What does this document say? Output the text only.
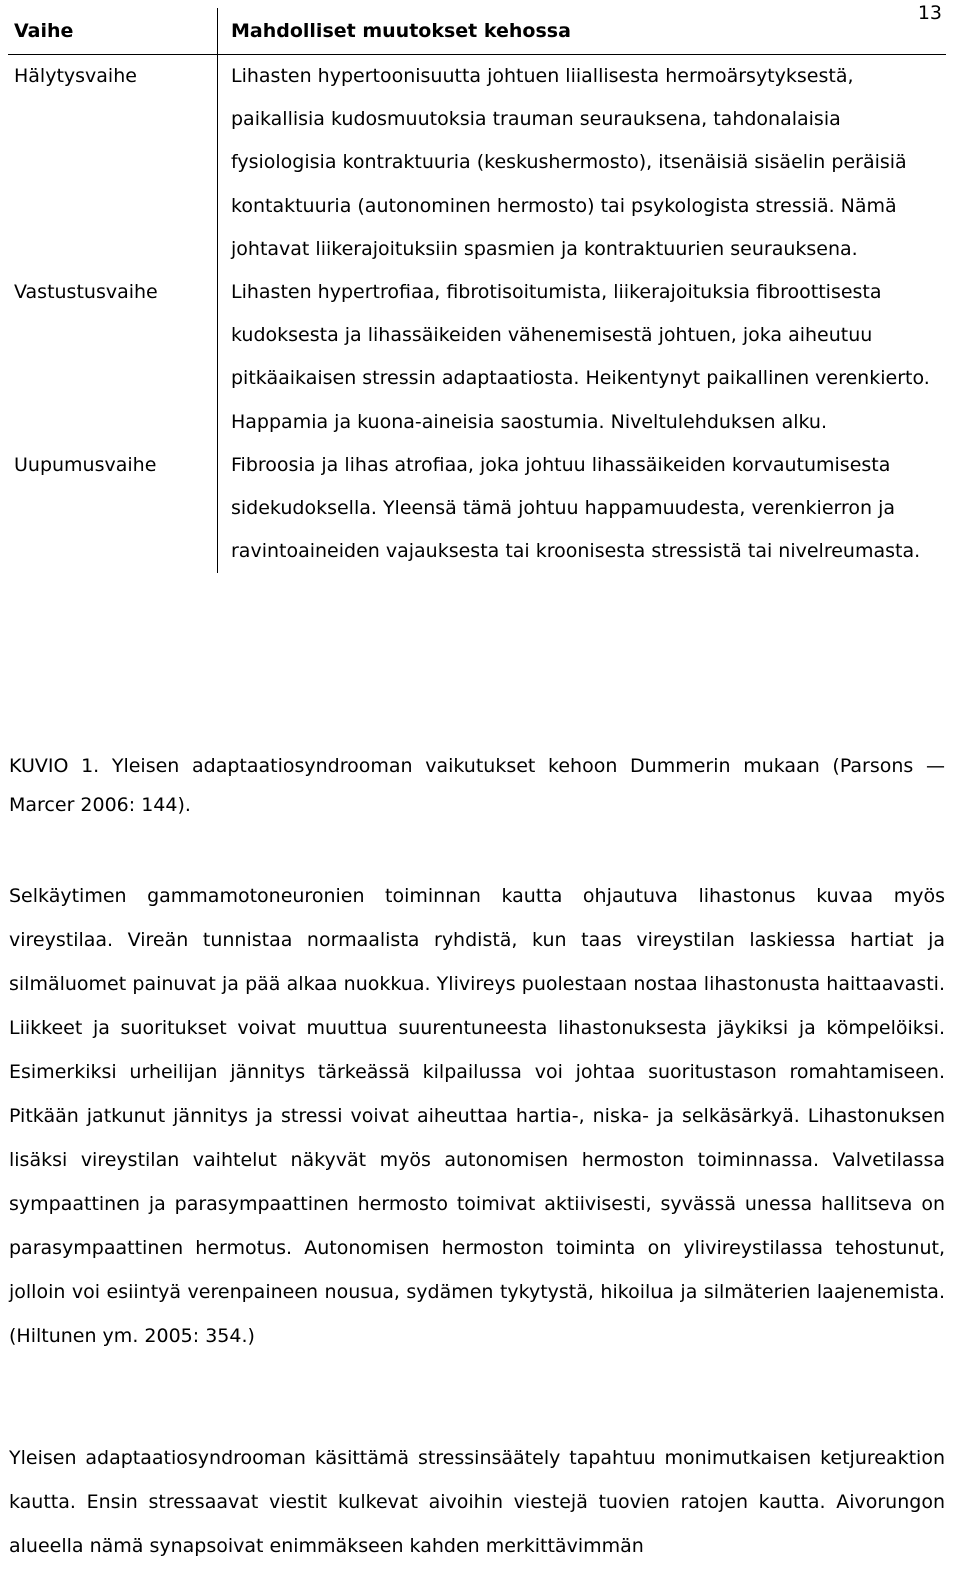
13
Vaihe	Mahdolliset muutokset kehossa
Hälytysvaihe	Lihasten hypertoonisuutta johtuen liiallisesta hermoärsytyksestä, paikallisia kudosmuutoksia trauman seurauksena, tahdonalaisia fysiologisia kontraktuuria (keskushermosto), itsenäisiä sisäelin peräisiä kontaktuuria (autonominen hermosto) tai psykologista stressiä. Nämä johtavat liikerajoituksiin spasmien ja kontraktuurien seurauksena.
Vastustusvaihe	Lihasten hypertrofiaa, fibrotisoitumista, liikerajoituksia fibroottisesta kudoksesta ja lihassäikeiden vähenemisestä johtuen, joka aiheutuu pitkäaikaisen stressin adaptaatiosta. Heikentynyt paikallinen verenkierto. Happamia ja kuona-aineisia saostumia. Niveltulehduksen alku.
Uupumusvaihe	Fibroosia ja lihas atrofiaa, joka johtuu lihassäikeiden korvautumisesta sidekudoksella. Yleensä tämä johtuu happamuudesta, verenkierron ja ravintoaineiden vajauksesta tai kroonisesta stressistä tai nivelreumasta.
KUVIO 1. Yleisen adaptaatiosyndrooman vaikutukset kehoon Dummerin mukaan (Parsons — Marcer 2006: 144).

Selkäytimen gammamotoneuronien toiminnan kautta ohjautuva lihastonus kuvaa myös vireystilaa. Vireän tunnistaa normaalista ryhdistä, kun taas vireystilan laskiessa hartiat ja silmäluomet painuvat ja pää alkaa nuokkua. Ylivireys puolestaan nostaa lihastonusta haittaavasti. Liikkeet ja suoritukset voivat muuttua suurentuneesta lihastonuksesta jäykiksi ja kömpelöiksi. Esimerkiksi urheilijan jännitys tärkeässä kilpailussa voi johtaa suoritustason romahtamiseen. Pitkään jatkunut jännitys ja stressi voivat aiheuttaa hartia-, niska- ja selkäsärkyä. Lihastonuksen lisäksi vireystilan vaihtelut näkyvät myös autonomisen hermoston toiminnassa. Valvetilassa sympaattinen ja parasympaattinen hermosto toimivat aktiivisesti, syvässä unessa hallitseva on parasympaattinen hermotus. Autonomisen hermoston toiminta on ylivireystilassa tehostunut, jolloin voi esiintyä verenpaineen nousua, sydämen tykytystä, hikoilua ja silmäterien laajenemista. (Hiltunen ym. 2005: 354.)

Yleisen adaptaatiosyndrooman käsittämä stressinsäätely tapahtuu monimutkaisen ketjureaktion kautta. Ensin stressaavat viestit kulkevat aivoihin viestejä tuovien ratojen kautta. Aivorungon alueella nämä synapsoivat enimmäkseen kahden merkittävimmän
